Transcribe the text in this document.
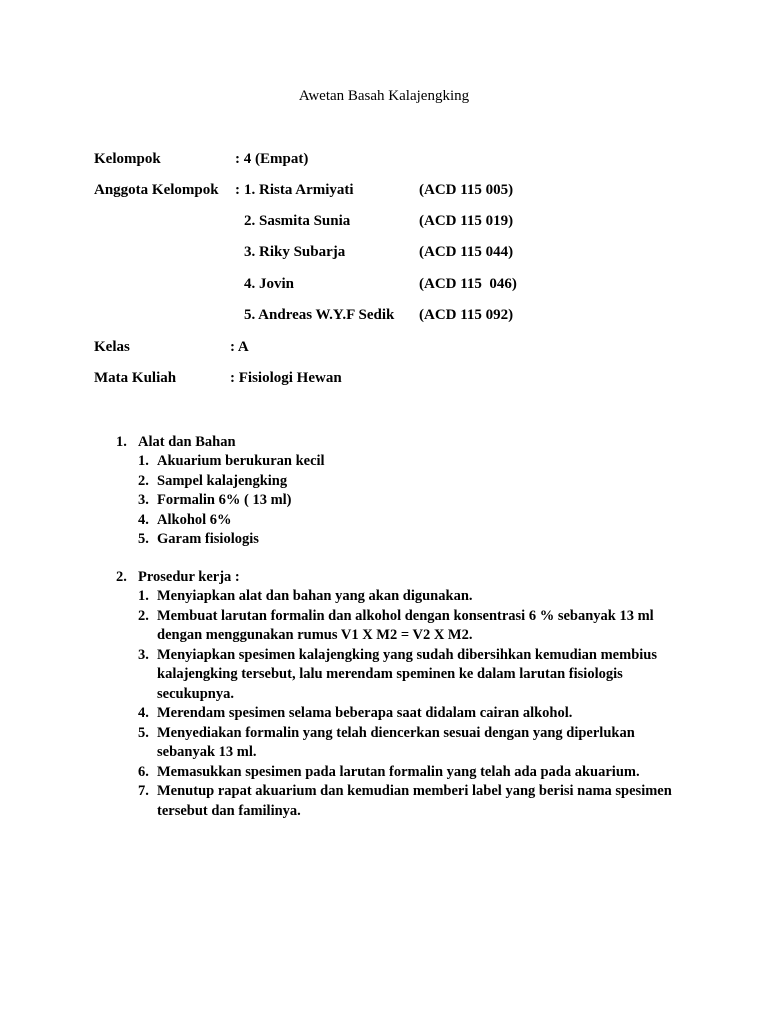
Awetan Basah Kalajengking
Kelompok	: 4 (Empat)
Anggota Kelompok : 1. Rista Armiyati	(ACD 115 005)
2. Sasmita Sunia	(ACD 115 019)
3. Riky Subarja	(ACD 115 044)
4. Jovin	(ACD 115  046)
5. Andreas W.Y.F Sedik (ACD 115 092)
Kelas	: A
Mata Kuliah	: Fisiologi Hewan
1. Alat dan Bahan
1. Akuarium berukuran kecil
2. Sampel kalajengking
3. Formalin 6% ( 13 ml)
4. Alkohol 6%
5. Garam fisiologis
2. Prosedur kerja :
1. Menyiapkan alat dan bahan yang akan digunakan.
2. Membuat larutan formalin dan alkohol dengan konsentrasi 6 % sebanyak 13 ml dengan menggunakan rumus V1 X M2 = V2 X M2.
3. Menyiapkan spesimen kalajengking yang sudah dibersihkan kemudian membius kalajengking tersebut, lalu merendam speminen ke dalam larutan fisiologis secukupnya.
4. Merendam spesimen selama beberapa saat didalam cairan alkohol.
5. Menyediakan formalin yang telah diencerkan sesuai dengan yang diperlukan sebanyak 13 ml.
6. Memasukkan spesimen pada larutan formalin yang telah ada pada akuarium.
7. Menutup rapat akuarium dan kemudian memberi label yang berisi nama spesimen tersebut dan familinya.
